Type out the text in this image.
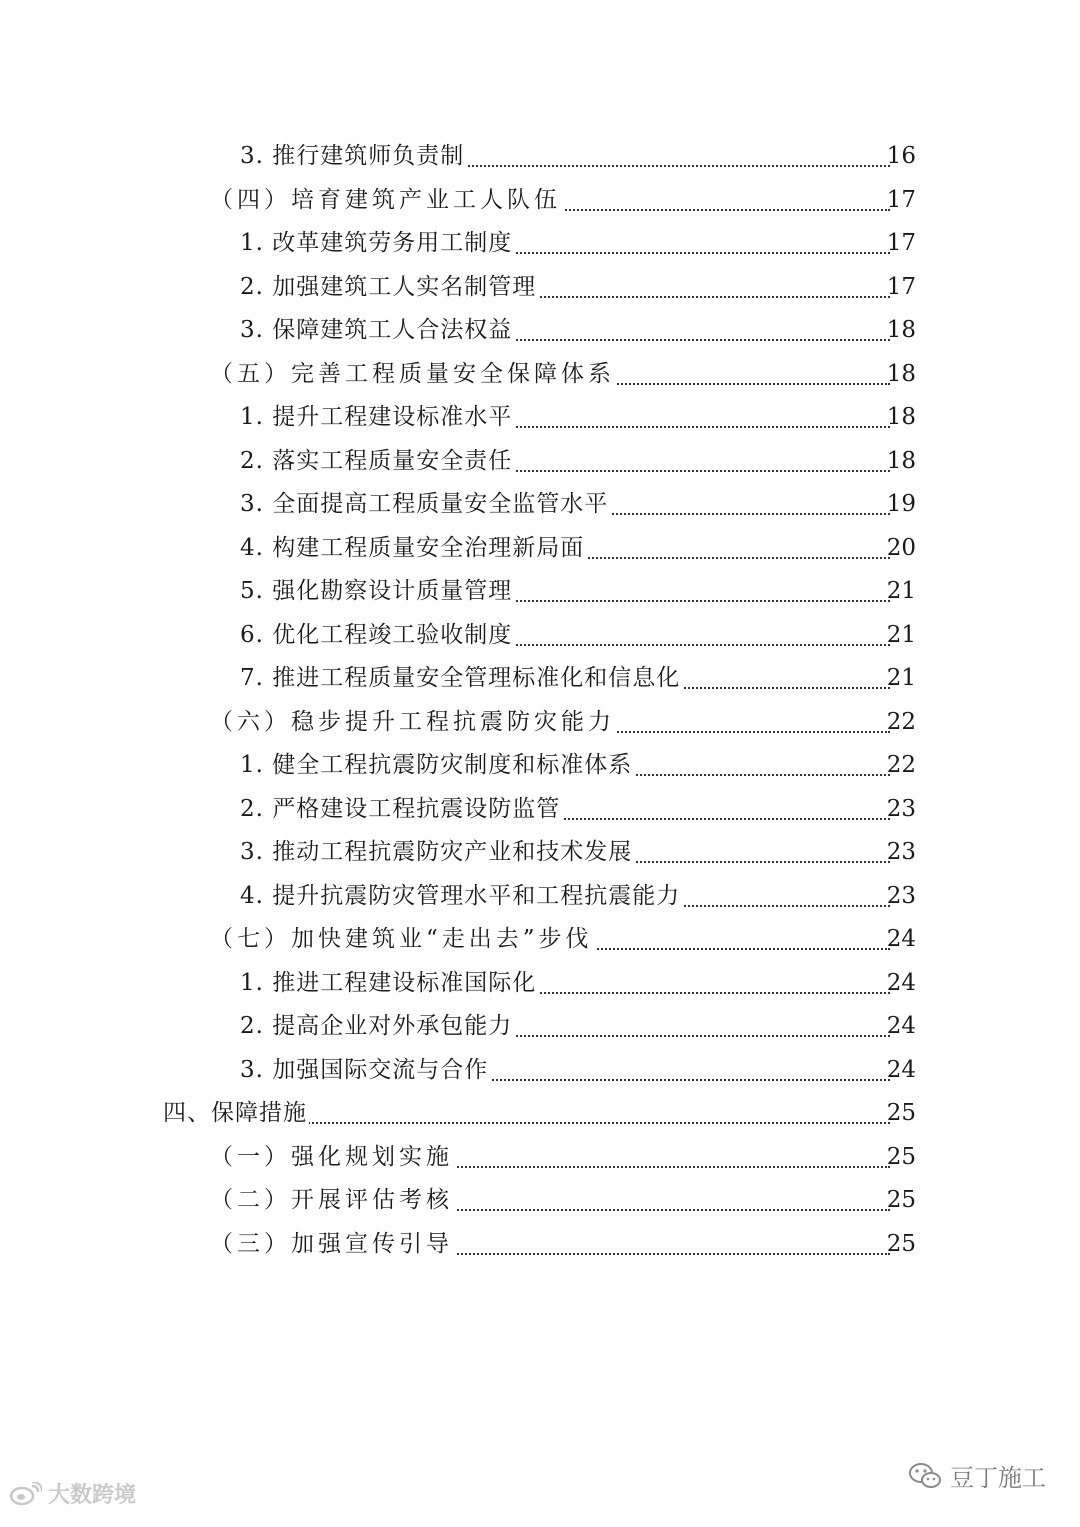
3. 推行建筑师负责制	16
（四）培育建筑产业工人队伍	17
1. 改革建筑劳务用工制度	17
2. 加强建筑工人实名制管理	17
3. 保障建筑工人合法权益	18
（五）完善工程质量安全保障体系	18
1. 提升工程建设标准水平	18
2. 落实工程质量安全责任	18
3. 全面提高工程质量安全监管水平	19
4. 构建工程质量安全治理新局面	20
5. 强化勘察设计质量管理	21
6. 优化工程竣工验收制度	21
7. 推进工程质量安全管理标准化和信息化	21
（六）稳步提升工程抗震防灾能力	22
1. 健全工程抗震防灾制度和标准体系	22
2. 严格建设工程抗震设防监管	23
3. 推动工程抗震防灾产业和技术发展	23
4. 提升抗震防灾管理水平和工程抗震能力	23
（七）加快建筑业“走出去”步伐	24
1. 推进工程建设标准国际化	24
2. 提高企业对外承包能力	24
3. 加强国际交流与合作	24
四、保障措施	25
（一）强化规划实施	25
（二）开展评估考核	25
（三）加强宣传引导	25
大数跨境
豆丁施工
